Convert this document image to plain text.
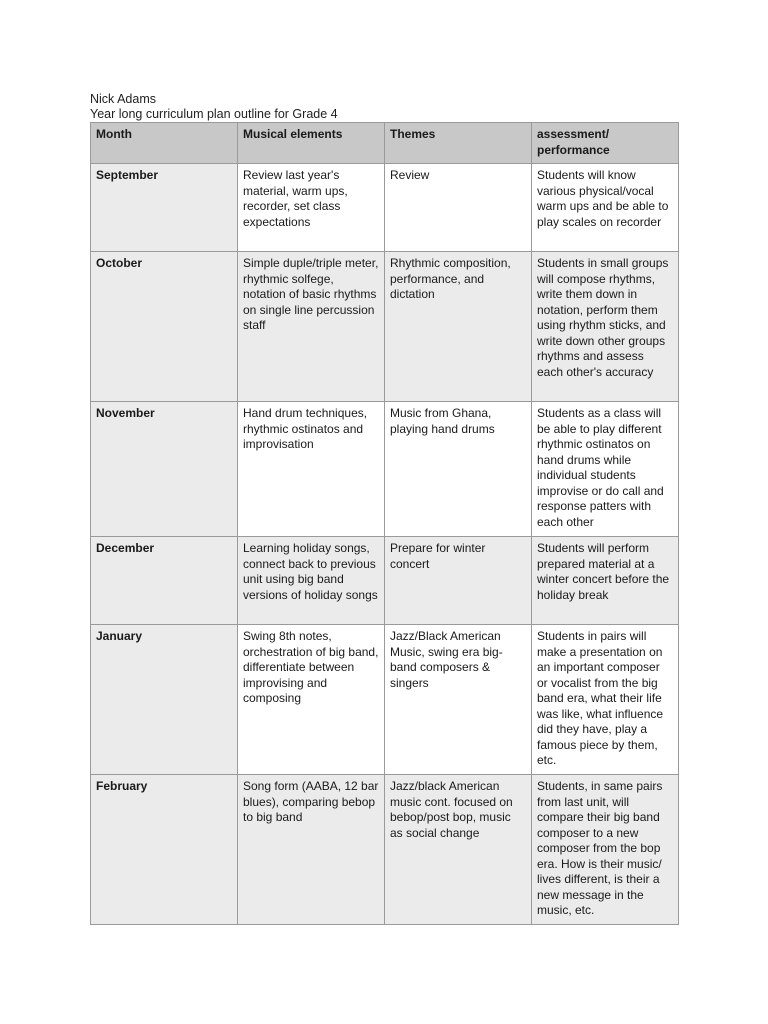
Nick Adams
Year long curriculum plan outline for Grade 4
Month	Musical elements	Themes	assessment/ performance
September	Review last year's material, warm ups, recorder, set class expectations	Review	Students will know various physical/vocal warm ups and be able to play scales on recorder
October	Simple duple/triple meter, rhythmic solfege, notation of basic rhythms on single line percussion staff	Rhythmic composition, performance, and dictation	Students in small groups will compose rhythms, write them down in notation, perform them using rhythm sticks, and write down other groups rhythms and assess each other's accuracy
November	Hand drum techniques, rhythmic ostinatos and improvisation	Music from Ghana, playing hand drums	Students as a class will be able to play different rhythmic ostinatos on hand drums while individual students improvise or do call and response patters with each other
December	Learning holiday songs, connect back to previous unit using big band versions of holiday songs	Prepare for winter concert	Students will perform prepared material at a winter concert before the holiday break
January	Swing 8th notes, orchestration of big band, differentiate between improvising and composing	Jazz/Black American Music, swing era big-band composers & singers	Students in pairs will make a presentation on an important composer or vocalist from the big band era, what their life was like, what influence did they have, play a famous piece by them, etc.
February	Song form (AABA, 12 bar blues), comparing bebop to big band	Jazz/black American music cont. focused on bebop/post bop, music as social change	Students, in same pairs from last unit, will compare their big band composer to a new composer from the bop era. How is their music/ lives different, is their a new message in the music, etc.
